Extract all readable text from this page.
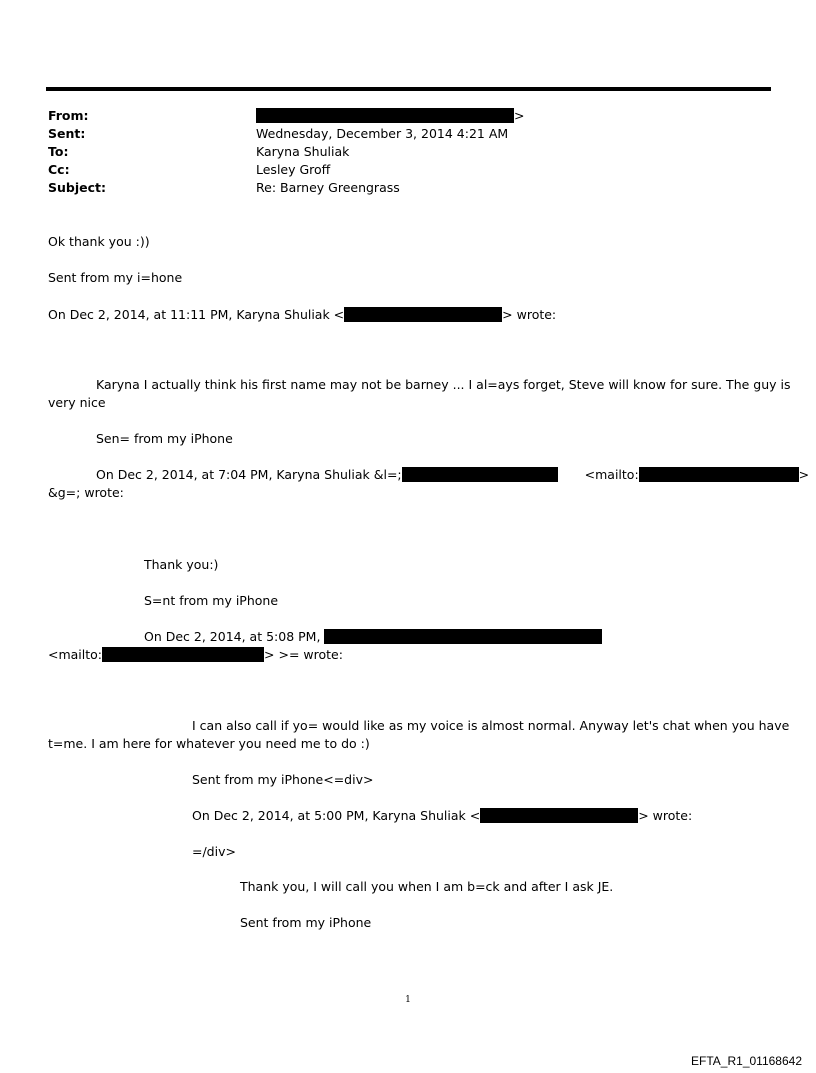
From:	>
Sent:	Wednesday, December 3, 2014 4:21 AM
To:	Karyna Shuliak
Cc:	Lesley Groff
Subject:	Re: Barney Greengrass
Ok thank you :))
Sent from my i=hone
On Dec 2, 2014, at 11:11 PM, Karyna Shuliak <	> wrote:
Karyna I actually think his first name may not be barney ... I al=ays forget, Steve will know for sure. The guy is
very nice
Sen= from my iPhone
On Dec 2, 2014, at 7:04 PM, Karyna Shuliak &l=;	<mailto:	>
&g=; wrote:
Thank you:)
S=nt from my iPhone
On Dec 2, 2014, at 5:08 PM,
<mailto:	> >= wrote:
I can also call if yo= would like as my voice is almost normal. Anyway let's chat when you have
t=me. I am here for whatever you need me to do :)
Sent from my iPhone<=div>
On Dec 2, 2014, at 5:00 PM, Karyna Shuliak <	> wrote:
=/div>
Thank you, I will call you when I am b=ck and after I ask JE.
Sent from my iPhone
1
EFTA_R1_01168642
